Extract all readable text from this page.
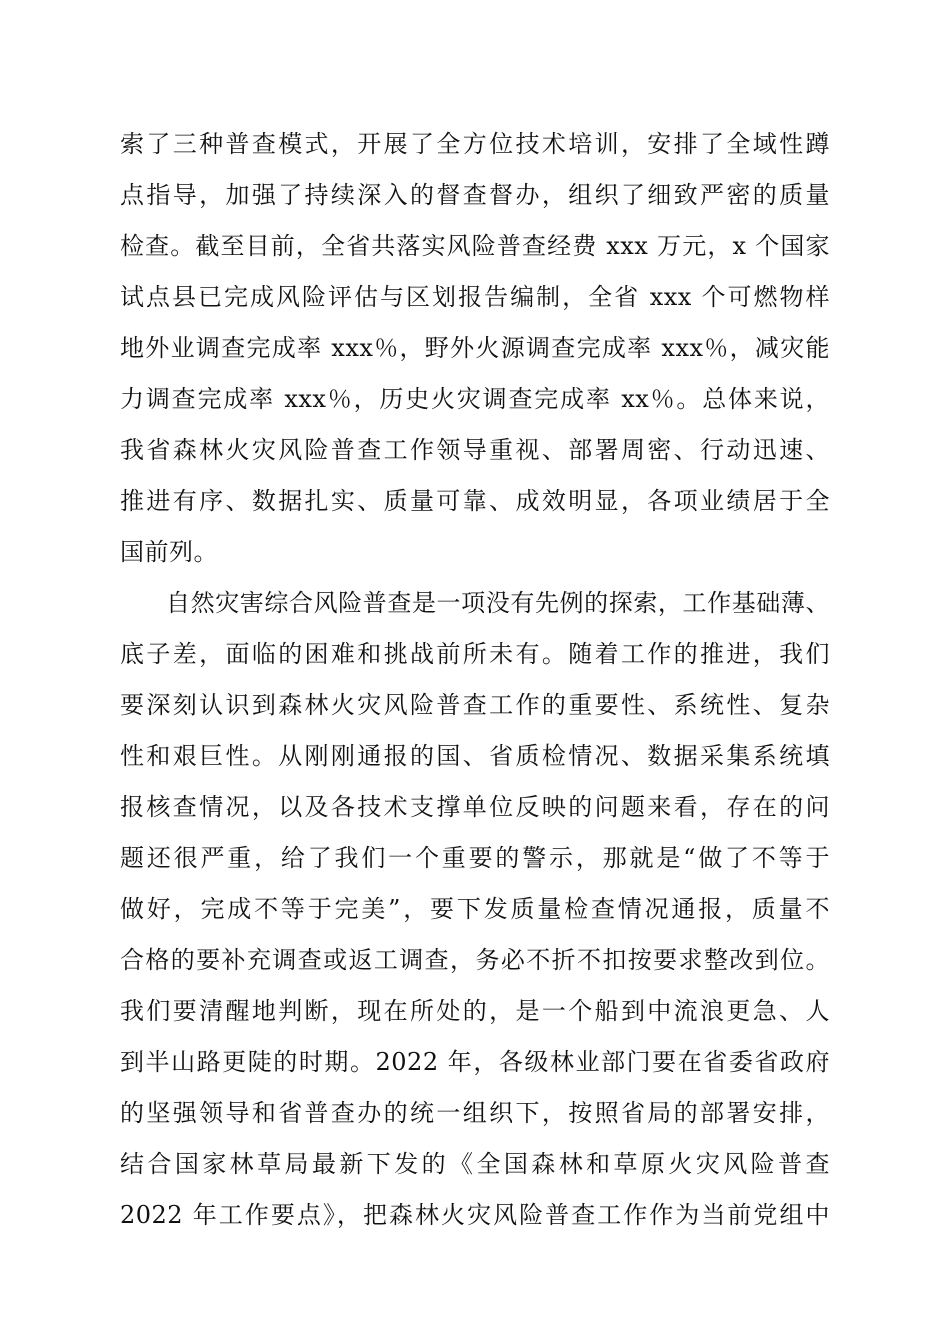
索了三种普查模式，开展了全方位技术培训，安排了全域性蹲
点指导，加强了持续深入的督查督办，组织了细致严密的质量
检查。截至目前，全省共落实风险普查经费 xxx 万元，x 个国家
试点县已完成风险评估与区划报告编制，全省 xxx 个可燃物样
地外业调查完成率 xxx％，野外火源调查完成率 xxx％，减灾能
力调查完成率 xxx％，历史火灾调查完成率 xx％。总体来说，
我省森林火灾风险普查工作领导重视、部署周密、行动迅速、
推进有序、数据扎实、质量可靠、成效明显，各项业绩居于全
国前列。
自然灾害综合风险普查是一项没有先例的探索，工作基础薄、
底子差，面临的困难和挑战前所未有。随着工作的推进，我们
要深刻认识到森林火灾风险普查工作的重要性、系统性、复杂
性和艰巨性。从刚刚通报的国、省质检情况、数据采集系统填
报核查情况，以及各技术支撑单位反映的问题来看，存在的问
题还很严重，给了我们一个重要的警示，那就是“做了不等于
做好，完成不等于完美”，要下发质量检查情况通报，质量不
合格的要补充调查或返工调查，务必不折不扣按要求整改到位。
我们要清醒地判断，现在所处的，是一个船到中流浪更急、人
到半山路更陡的时期。2022 年，各级林业部门要在省委省政府
的坚强领导和省普查办的统一组织下，按照省局的部署安排，
结合国家林草局最新下发的《全国森林和草原火灾风险普查
2022 年工作要点》，把森林火灾风险普查工作作为当前党组中
